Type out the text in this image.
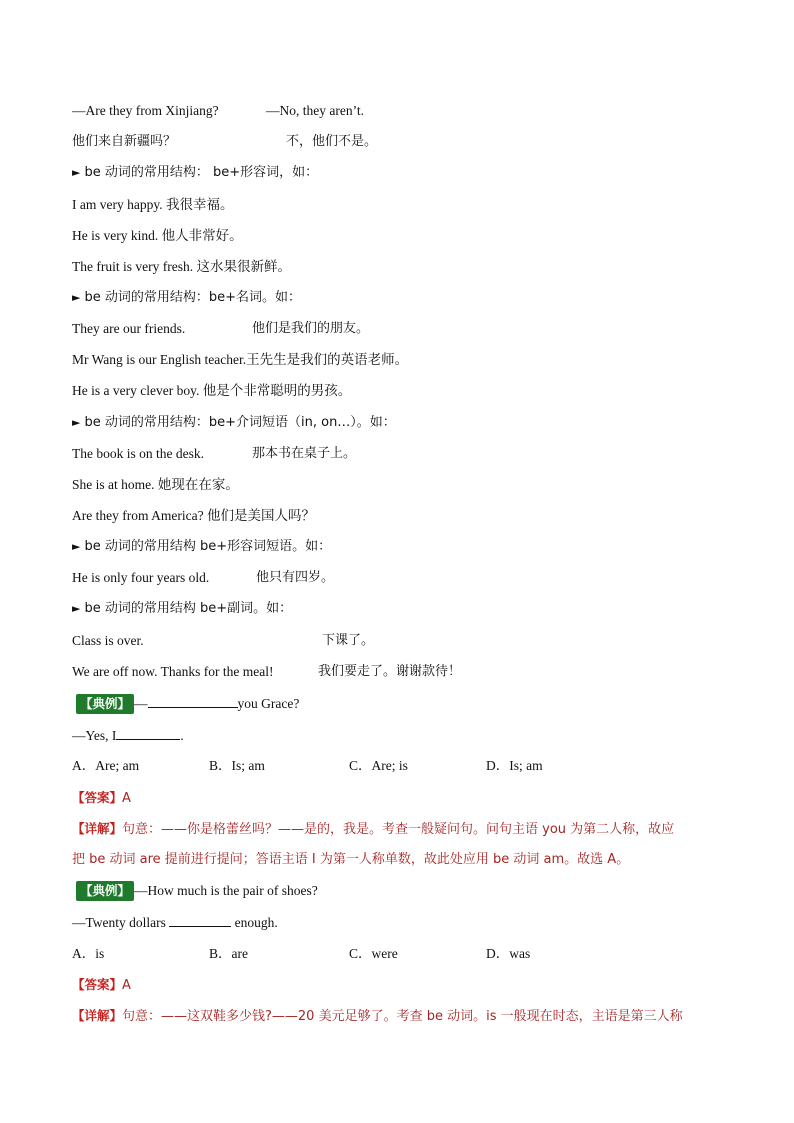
—Are they from Xinjiang?	—No, they aren’t.
他们来自新疆吗？	不，他们不是。
► be 动词的常用结构： be+形容词，如：
I am very happy. 我很幸福。
He is very kind. 他人非常好。
The fruit is very fresh. 这水果很新鲜。
► be 动词的常用结构：be+名词。如：
They are our friends.	他们是我们的朋友。
Mr Wang is our English teacher.王先生是我们的英语老师。
He is a very clever boy. 他是个非常聪明的男孩。
► be 动词的常用结构：be+介词短语（in, on…）。如：
The book is on the desk.	那本书在桌子上。
She is at home. 她现在在家。
Are they from America? 他们是美国人吗？
► be 动词的常用结构 be+形容词短语。如：
He is only four years old.	他只有四岁。
► be 动词的常用结构 be+副词。如：
Class is over.	下课了。
We are off now. Thanks for the meal!	我们要走了。谢谢款待！
【典例】 —	you Grace?
—Yes, I	.
A．Are; am	B．Is; am	C．Are; is	D．Is; am
【答案】A
【详解】句意：——你是格蕾丝吗？——是的，我是。考查一般疑问句。问句主语 you 为第二人称，故应
把 be 动词 are 提前进行提问；答语主语 I 为第一人称单数，故此处应用 be 动词 am。故选 A。
【典例】 —How much is the pair of shoes?
—Twenty dollars	enough.
A．is	B．are	C．were	D．was
【答案】A
【详解】句意：——这双鞋多少钱?——20 美元足够了。考查 be 动词。is 一般现在时态，主语是第三人称
